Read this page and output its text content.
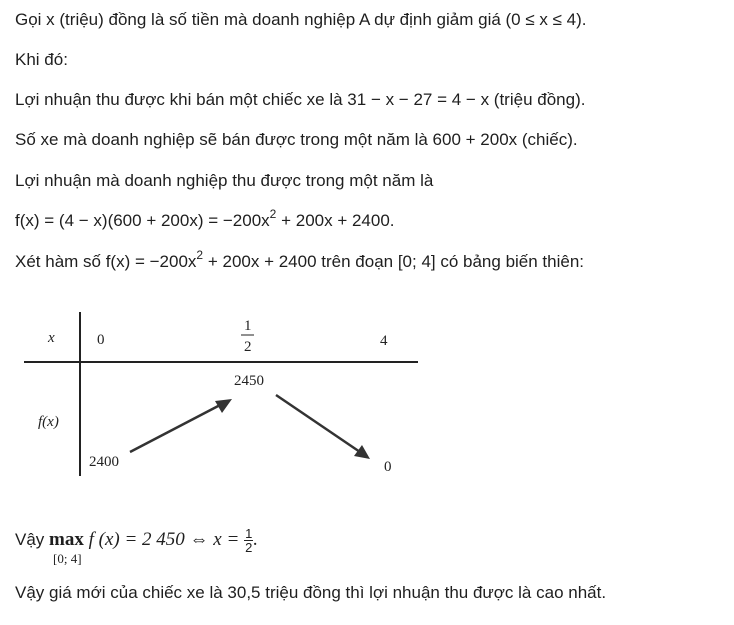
Gọi x (triệu) đồng là số tiền mà doanh nghiệp A dự định giảm giá (0 ≤ x ≤ 4).
Khi đó:
Lợi nhuận thu được khi bán một chiếc xe là 31 − x − 27 = 4 − x (triệu đồng).
Số xe mà doanh nghiệp sẽ bán được trong một năm là 600 + 200x (chiếc).
Lợi nhuận mà doanh nghiệp thu được trong một năm là
$f(x) = (4 - x)(600 + 200x) = -200x^2 + 200x + 2400$.
Xét hàm số $f(x) = -200x^2 + 200x + 2400$ trên đoạn [0; 4] có bảng biến thiên:
x	0
1
2	4
f(x)
2400
2450
0
Vậy max f (x) = 2 450 ⇔ $x = \frac{1}{2}$ .
[0; 4]
Vậy giá mới của chiếc xe là 30,5 triệu đồng thì lợi nhuận thu được là cao nhất.
